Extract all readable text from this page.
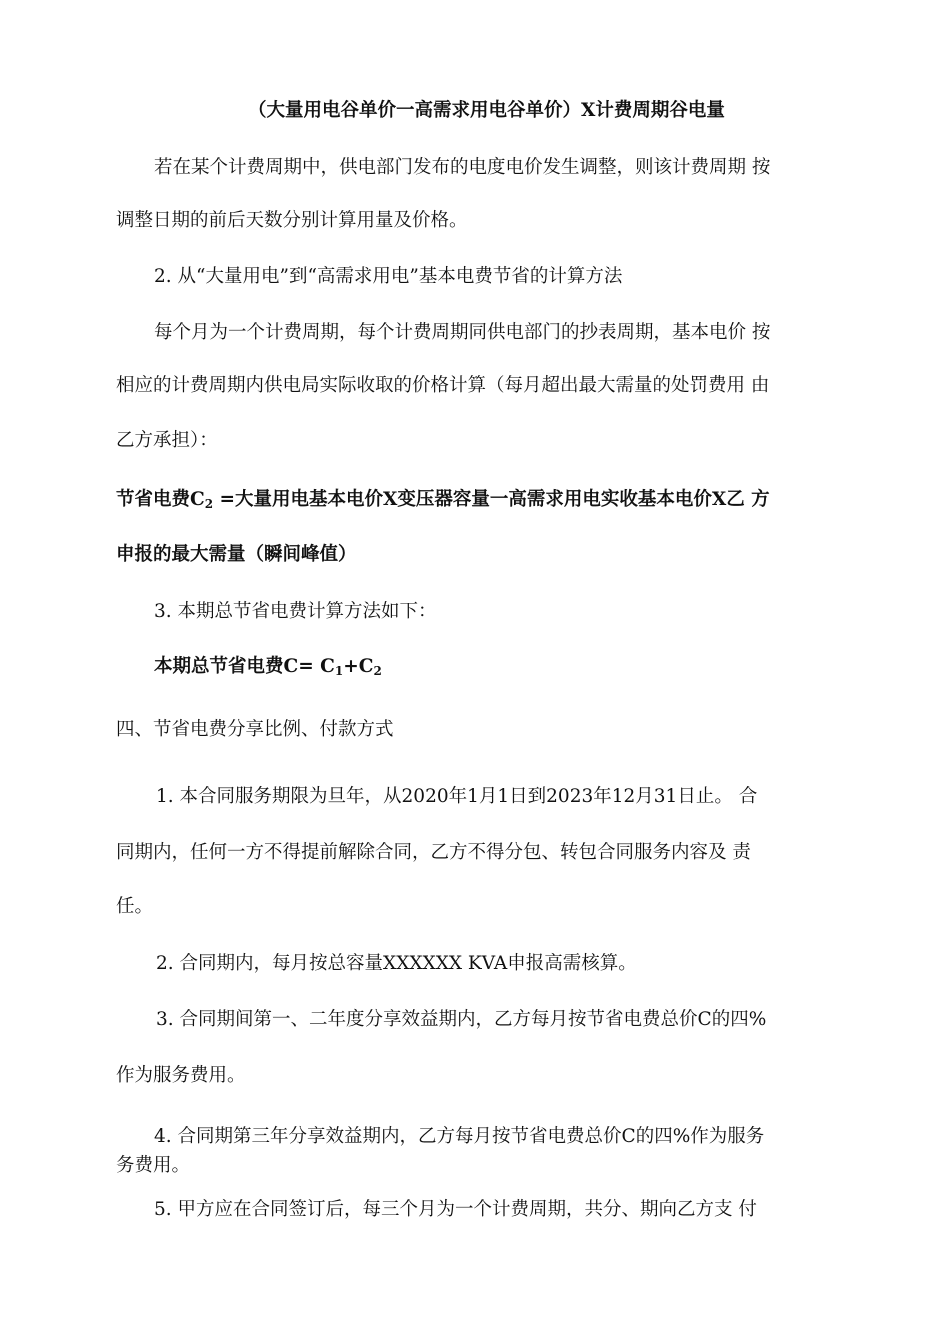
（大量用电谷单价一高需求用电谷单价）X计费周期谷电量
若在某个计费周期中，供电部门发布的电度电价发生调整，则该计费周期 按
调整日期的前后天数分别计算用量及价格。
2. 从“大量用电”到“高需求用电”基本电费节省的计算方法
每个月为一个计费周期，每个计费周期同供电部门的抄表周期，基本电价 按
相应的计费周期内供电局实际收取的价格计算（每月超出最大需量的处罚费用 由
乙方承担）：
节省电费$C_2$ =大量用电基本电价X变压器容量一高需求用电实收基本电价X乙 方
申报的最大需量（瞬间峰值）
3. 本期总节省电费计算方法如下：
本期总节省电费$C= C_1+C_2$
四、节省电费分享比例、付款方式
1. 本合同服务期限为旦年，从2020年1月1日到2023年12月31日止。 合
同期内，任何一方不得提前解除合同，乙方不得分包、转包合同服务内容及 责
任。
2. 合同期内，每月按总容量XXXXXX KVA申报高需核算。
3. 合同期间第一、二年度分享效益期内，乙方每月按节省电费总价C的四%
作为服务费用。
4. 合同期第三年分享效益期内，乙方每月按节省电费总价C的四%作为服务
务费用。
5. 甲方应在合同签订后，每三个月为一个计费周期，共分、期向乙方支 付
